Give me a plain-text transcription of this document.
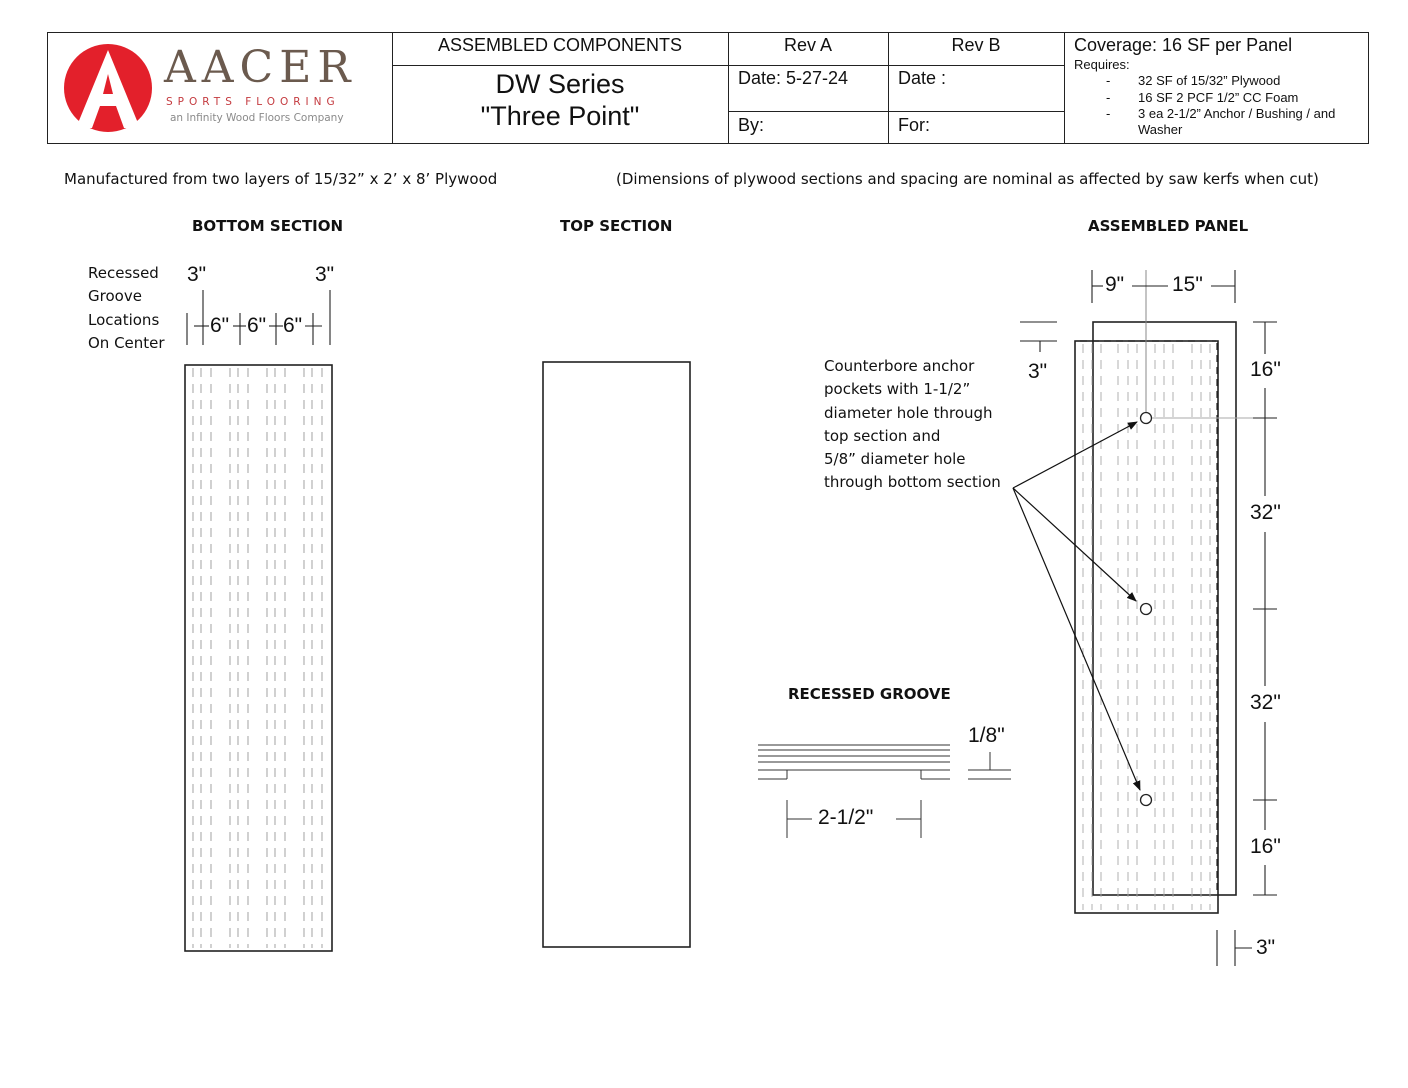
ASSEMBLED COMPONENTS
DW Series
"Three Point"
Rev A	Rev B
Date: 5-27-24	Date :
By:	For:
Coverage: 16 SF per Panel
Requires:
- 32 SF of 15/32” Plywood
- 16 SF 2 PCF 1/2” CC Foam
- 3 ea 2-1/2” Anchor / Bushing / and Washer
AACER
SPORTS FLOORING
an Infinity Wood Floors Company
Manufactured from two layers of 15/32” x 2’ x 8’ Plywood	(Dimensions of plywood sections and spacing are nominal as affected by saw kerfs when cut)
BOTTOM SECTION	TOP SECTION	ASSEMBLED PANEL
RECESSED GROOVE
Recessed
Groove
Locations
On Center
Counterbore anchor
pockets with 1-1/2”
diameter hole through
top section and
5/8” diameter hole
through bottom section
3"	3"
6" 6" 6"
9" 15"
3"	16"
32"
32"
16"
3"
1/8"
2-1/2"
